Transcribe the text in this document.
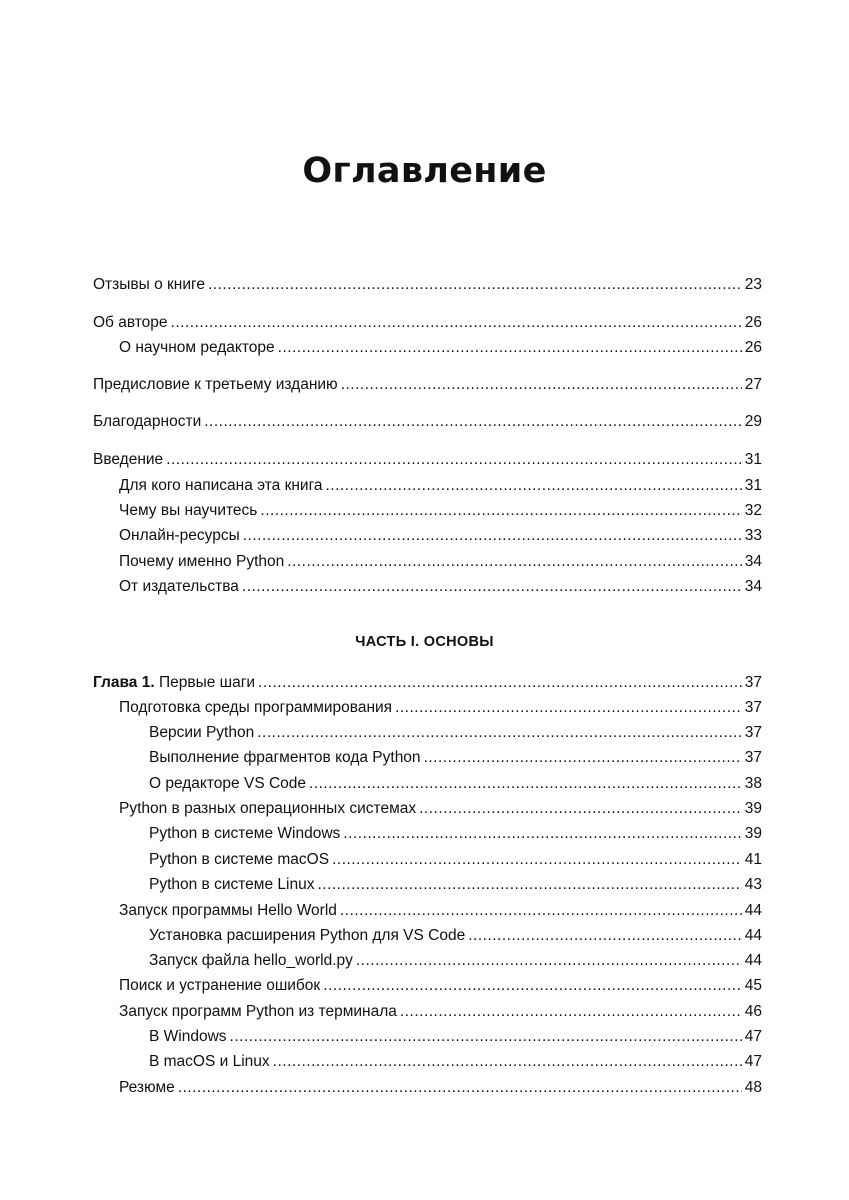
Оглавление
Отзывы о книге .....	23
Об авторе .....	26
О научном редакторе .....	26
Предисловие к третьему изданию .....	27
Благодарности .....	29
Введение .....	31
Для кого написана эта книга .....	31
Чему вы научитесь .....	32
Онлайн-ресурсы .....	33
Почему именно Python .....	34
От издательства .....	34
ЧАСТЬ I. ОСНОВЫ
Глава 1. Первые шаги .....	37
Подготовка среды программирования .....	37
Версии Python .....	37
Выполнение фрагментов кода Python .....	37
О редакторе VS Code .....	38
Python в разных операционных системах .....	39
Python в системе Windows .....	39
Python в системе macOS .....	41
Python в системе Linux .....	43
Запуск программы Hello World .....	44
Установка расширения Python для VS Code .....	44
Запуск файла hello_world.py .....	44
Поиск и устранение ошибок .....	45
Запуск программ Python из терминала .....	46
В Windows .....	47
В macOS и Linux .....	47
Резюме .....	48
